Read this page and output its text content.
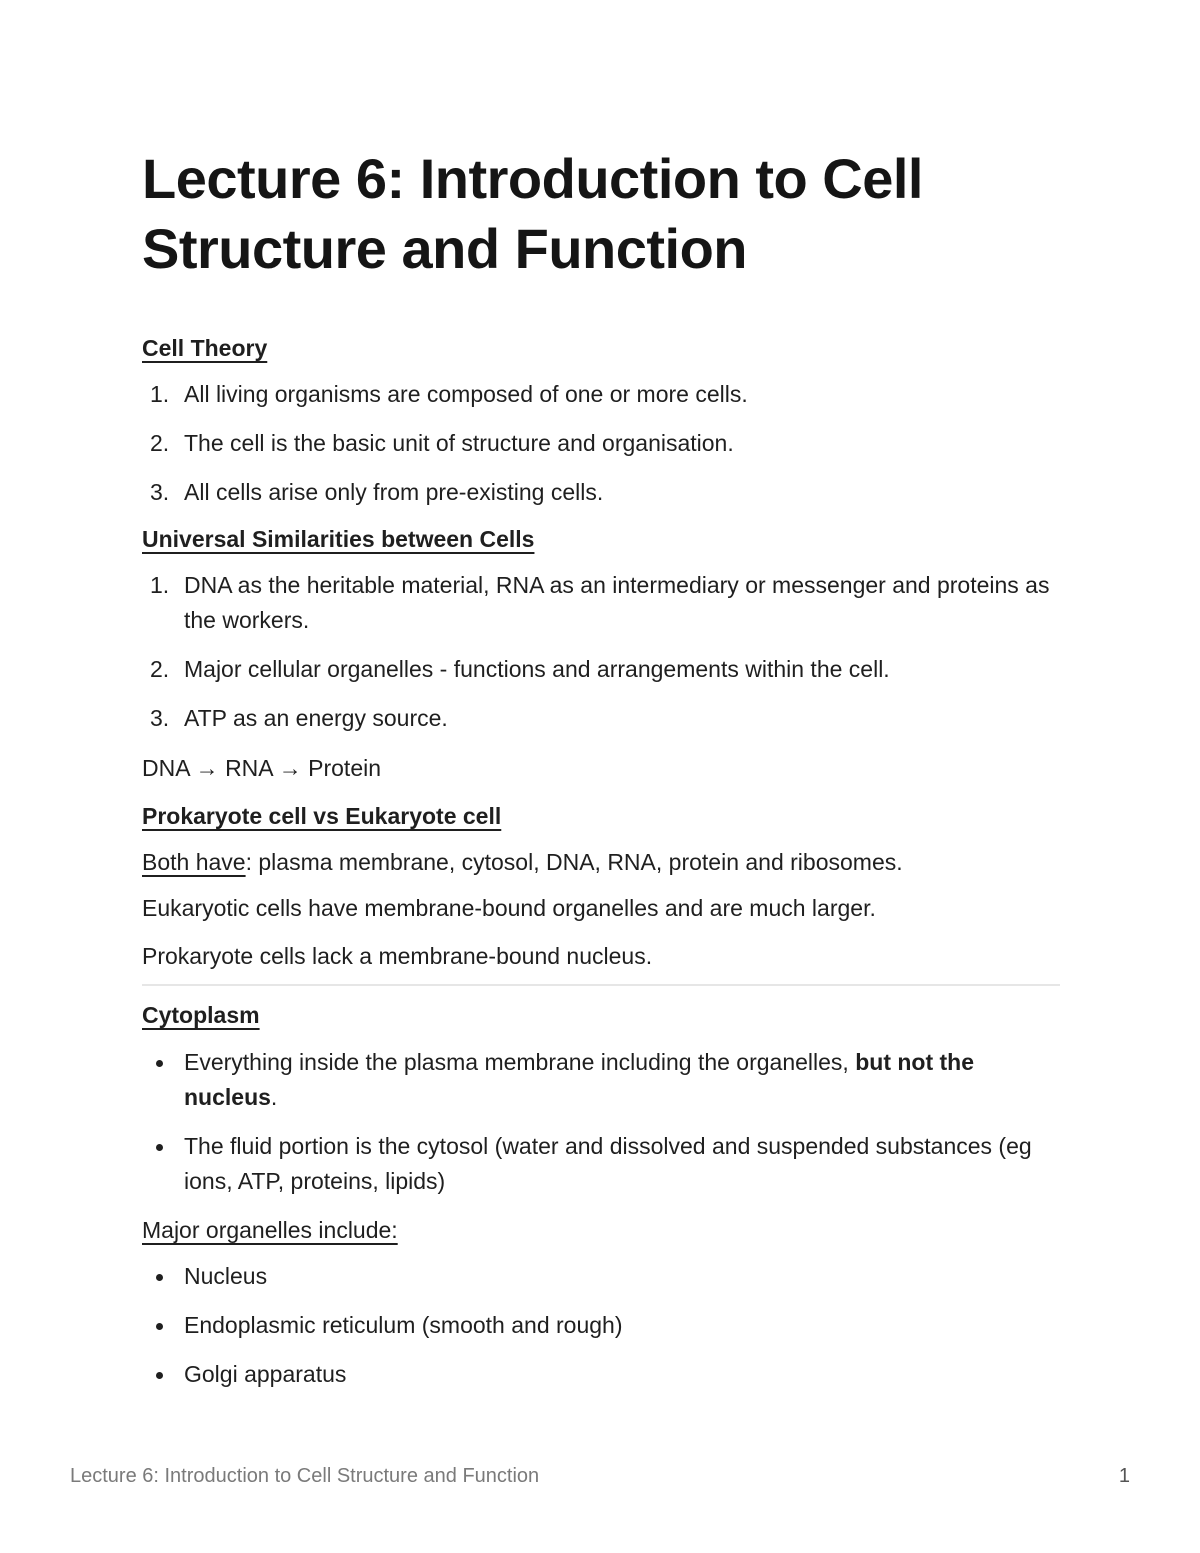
Lecture 6: Introduction to Cell Structure and Function

Cell Theory

1. All living organisms are composed of one or more cells.
2. The cell is the basic unit of structure and organisation.
3. All cells arise only from pre-existing cells.

Universal Similarities between Cells

1. DNA as the heritable material, RNA as an intermediary or messenger and proteins as the workers.
2. Major cellular organelles - functions and arrangements within the cell.
3. ATP as an energy source.

DNA → RNA → Protein

Prokaryote cell vs Eukaryote cell

Both have: plasma membrane, cytosol, DNA, RNA, protein and ribosomes.

Eukaryotic cells have membrane-bound organelles and are much larger.

Prokaryote cells lack a membrane-bound nucleus.

Cytoplasm

Everything inside the plasma membrane including the organelles, but not the nucleus.
The fluid portion is the cytosol (water and dissolved and suspended substances (eg ions, ATP, proteins, lipids)

Major organelles include:

Nucleus
Endoplasmic reticulum (smooth and rough)
Golgi apparatus
Lecture 6: Introduction to Cell Structure and Function	1
